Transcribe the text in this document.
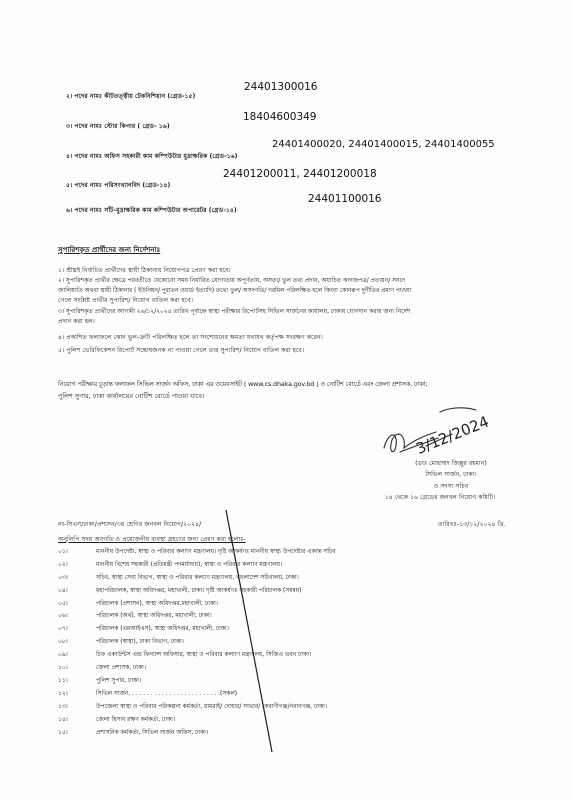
২। পদের নামঃ কীটতত্ত্বীয় টেকনিশিয়ান (গ্রেড-১৫)
24401300016
৩। পদের নামঃ স্টোর কিপার ( গ্রেড- ১৬)
18404600349
৪। পদের নামঃ অফিস সহকারী কাম কম্পিউটার মুদ্রাক্ষরিক (গ্রেড-১৬)
24401400020, 24401400015, 24401400055
৫। পদের নামঃ পরিসংখ্যানবিদ (গ্রেড-১৪)
24401200011, 24401200018
৬। পদের নামঃ সাঁট-মুদ্রাক্ষরিক কাম কম্পিউটার অপারেটর (গ্রেড-১৪)
24401100016
সুপারিশকৃত প্রার্থীদের জন্য নির্দেশনাঃ
১। শ্রীঘ্রই নির্বাচিত প্রার্থীদের স্থায়ী ঠিকানায় নিয়োগপত্র প্রেরণ করা হবে।
২। সুপারিশকৃত প্রার্থীর ক্ষেত্রে পরবর্তীতে যেকোনো সময় নির্ধারিত যোগ্যতায় অপূর্ণতায়, অসত্য/ ভুল তথ্য প্রদান, অযাচিত কাগজপত্র/ প্রত্যয়ন/ সনদে
জালিয়াতি অথবা স্থায়ী ঠিকানার ( ইউনিয়ন/ পুরাতন ওয়ার্ড ইত্যাদি) তথ্যে ভুল/ অসংগতি/ গরমিল পরিলক্ষিত হলে কিংবা কোনরূপ দুর্নীতির প্রমাণ পাওয়া
গেলে সংশ্লিষ্ট প্রার্থীর সুপারিশ/ নিয়োগ বাতিল করা হবে।
৩। সুপারিশকৃত প্রার্থীদের আগামী ২৬/১২/২০২৪ তারিখ পূর্বাহ্নে স্বাস্থ্য পরীক্ষার রিপোর্টসহ সিভিল সার্জনের কার্যালয়, ঢাকায় যোগদান করার জন্য নির্দেশ
প্রদান করা হল।
৪। প্রকাশিত ফলাফলে কোন ভুল-ত্রুটি পরিলক্ষিত হলে তা সংশোধনের ক্ষমতা যথাযথ কর্তৃপক্ষ সংরক্ষণ করেন।
৫। পুলিশ ভেরিফিকেশন রিপোর্ট সন্তোষজনক না পাওয়া গেলে তার সুপারিশ/ নিয়োগ বাতিল করা হবে।
নিয়োগ পরীক্ষার চূড়ান্ত ফলাফল সিভিল সার্জন অফিস, ঢাকা এর ওয়েবসাইট ( www.cs.dhaka.gov.bd ) ও নোটিশ বোর্ডে এবং জেলা প্রশাসক, ঢাকা;
পুলিশ সুপার, ঢাকা কার্যালয়ের নোটিশ বোর্ডে পাওয়া যাবে।
3/12/2024
(ডাঃ মোহাম্মদ জিল্লুর রহমান)
সিভিল সার্জন, ঢাকা।
ও সদস্য সচিব
১৪ থেকে ১৬ গ্রেডের জনবল নিয়োগ কমিটি।
নং-সিএস/ঢাকা/প্রশাসন/৩য় শ্রেণির জনবল নিয়োগ/২০২৪/	তারিখঃ-১৩/১২/২০২৪ খ্রি.
অনুলিপি সদয় অবগতি ও প্রয়োজনীয় ব্যবস্থা গ্রহণের জন্য প্রেরণ করা হলোঃ-
০১।	মাননীয় উপদেষ্টা, স্বাস্থ্য ও পরিবার কল্যাণ মন্ত্রণালয়। দৃষ্টি আকর্ষণঃ মাননীয় স্বাস্থ্য উপদেষ্টার একান্ত সচিব
০২।	মাননীয় বিশেষ সহকারী (প্রতিমন্ত্রী পদমর্যাদায়), স্বাস্থ্য ও পরিবার কল্যাণ মন্ত্রণালয়।
০৩।	সচিব, স্বাস্থ্য সেবা বিভাগ, স্বাস্থ্য ও পরিবার কল্যাণ মন্ত্রণালয়, বাংলাদেশ সচিবালয়, ঢাকা।
০৪।	মহাপরিচালক, স্বাস্থ্য অধিদপ্তর, মহাখালী, ঢাকা। দৃষ্টি আকর্ষণঃ সহকারী পরিচালক (সমন্বয়)
০৫।	পরিচালক (প্রশাসন), স্বাস্থ্য অধিদপ্তর,মহাখালী, ঢাকা।
০৬।	পরিচালক (অর্থ), স্বাস্থ্য অধিদপ্তর, মহাখালী, ঢাকা।
০৭।	পরিচালক (এমআইএস), স্বাস্থ্য অধিদপ্তর, মহাখালী, ঢাকা।
০৮।	পরিচালক (স্বাস্থ্য), ঢাকা বিভাগ, ঢাকা।
০৯।	চিফ একাউন্টস এন্ড ফিন্যান্স অফিসার, স্বাস্থ্য ও পরিবার কল্যাণ মন্ত্রণালয়, সিজিএ ভবন ঢাকা।
১০।	জেলা প্রশাসক, ঢাকা।
১১।	পুলিশ সুপার, ঢাকা।
১২।	সিভিল সার্জন, . . . . . . . . . . . . . . . . . . . . . . . .(সকল)
১৩।	উপজেলা স্বাস্থ্য ও পরিবার পরিকল্পনা কর্মকর্তা, ধামরাই/ দোহার/ সাভার/ কেরাণীগঞ্জ/নবাবগঞ্জ, ঢাকা।
১৪।	জেলা হিসাব রক্ষণ কর্মকর্তা, ঢাকা।
১৫।	প্রশাসনিক কর্মকর্তা, সিভিল সার্জন অফিস, ঢাকা।
